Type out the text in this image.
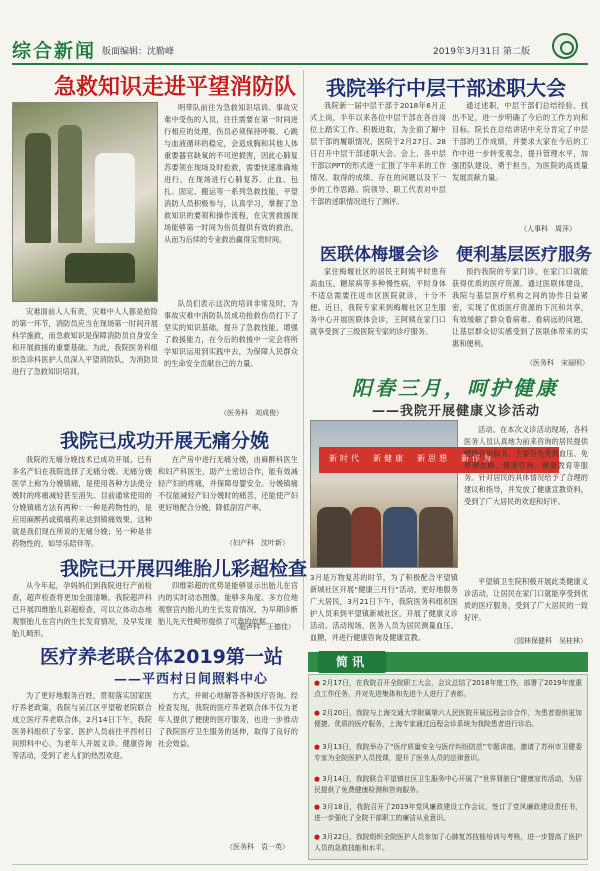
综合新闻 版面编辑：沈勤峰	2019年3月31日 第二版
急救知识走进平望消防队
灾难面前人人有责，灾难中人人都是抢险的第一环节，消防员应当在现场第一时间开展科学施救，而急救知识是保障消防员自身安全和开展救援的重要基础。为此，我院医务科组织急诊科医护人员深入平望消防队，为消防员进行了急救知识培训。
明带队前往为急救知识培训。事故灾难中受伤的人员，往往需要在第一时间进行相应的处理，伤员必须保持呼吸、心跳与血液循环的稳定，会造成胸和其他人体重要器官缺氧的不可逆损害，因此心肺复苏要领在现场及时抢救，需要快速准确地进行，在现场进行心肺复苏、止血、包扎、固定、搬运等一系列急救技能，平望消防人员积极参与，认真学习，掌握了急救知识的要领和操作流程，在灾害救援现场能够第一时间为伤员提供有效的救治，从而为后续的专业救治赢得宝贵时间。
队员们表示这次的培训非常及时，为事故灾难中消防队员成功抢救伤员打下了坚实的知识基础，提升了急救技能，增强了救援能力，在今后的救援中一定会将所学知识运用到实践中去，为保障人民群众的生命安全贡献自己的力量。
（医务科　刘成俊）
我院举行中层干部述职大会
我院新一届中层干部于2018年6月正式上岗，半年以来各位中层干部在各自岗位上踏实工作、积极进取，为全面了解中层干部的履职情况，医院于2月27日、28日召开中层干部述职大会。会上，各中层干部以PPT的形式逐一汇报了半年来的工作情况、取得的成绩、存在的问题以及下一步的工作思路。院领导、职工代表对中层干部的述职情况进行了测评。
通过述职，中层干部们总结经验、找出不足，进一步明确了今后的工作方向和目标。院长在总结讲话中充分肯定了中层干部的工作成绩，并要求大家在今后的工作中进一步转变观念，提升管理水平，加强团队建设，勇于担当，为医院的高质量发展贡献力量。
（人事科　周萍）
医联体梅堰会诊　便利基层医疗服务
家住梅堰社区的居民王阿姨平时患有高血压、糖尿病等多种慢性病，平时身体不适总需要往返市区医院就诊，十分不便。近日，我院专家来到梅堰社区卫生服务中心开展医联体会诊，王阿姨在家门口就享受到了三级医院专家的诊疗服务。
预约我院的专家门诊，在家门口就能获得优质的医疗资源。通过医联体建设，我院与基层医疗机构之间的协作日益紧密，实现了优质医疗资源的下沉和共享，有效缓解了群众看病难、看病远的问题，让基层群众切实感受到了医联体带来的实惠和便利。
（医务科　宋丽明）
我院已成功开展无痛分娩
我院的无痛分娩技术已成功开展，已有多名产妇在我院选择了无痛分娩。无痛分娩医学上称为分娩镇痛，是使用各种方法使分娩时的疼痛减轻甚至消失。目前通常使用的分娩镇痛方法有两种：一种是药物性的，是应用麻醉药或镇痛药来达到镇痛效果，这种就是我们现在所说的无痛分娩；另一种是非药物性的，如导乐陪伴等。
在产房中进行无痛分娩，由麻醉科医生和妇产科医生、助产士密切合作，能有效减轻产妇的疼痛，并保障母婴安全。分娩镇痛不仅能减轻产妇分娩时的痛苦，还能使产妇更好地配合分娩，降低剖宫产率。
（妇产科　沈叶新）
我院已开展四维胎儿彩超检查
从今年起，孕妈妈们到我院进行产前检查，超声检查将更加全面清晰。我院超声科已开展四维胎儿彩超检查，可以立体动态地观察胎儿在宫内的生长发育情况，及早发现胎儿畸形。
四维彩超的优势是能够显示出胎儿在宫内的实时动态图像，能够多角度、多方位地观察宫内胎儿的生长发育情况，为早期诊断胎儿先天性畸形提供了可靠的依据。
（超声科　王德佳）
阳春三月，呵护健康
——我院开展健康义诊活动
新时代　新健康　新思想　新作为
3月是万物复苏的时节，为了积极配合平望镇新城社区开展“健康三月行”活动，更好地服务广大居民，3月21日下午，我院医务科组织医护人员来到平望镇新城社区，开展了健康义诊活动。活动现场，医务人员为居民测量血压、血糖，并进行健康咨询及健康宣教。
活动。在本次义诊活动现场，各科医务人员认真地为前来咨询的居民提供健康咨询服务，主要有免费测血压、免费测血糖、健康咨询、健康教育等服务。针对居民的具体情况给予了合理的建议和指导，并发放了健康宣教资料，受到了广大居民的欢迎和好评。
平望镇卫生院积极开展此类健康义诊活动，让居民在家门口就能享受到优质的医疗服务，受到了广大居民的一致好评。
（园林保健科　吴桂林）
医疗养老联合体2019第一站
——平西村日间照料中心
为了更好地服务百姓，贯彻落实国家医疗养老政策，我院与吴江区平望敬老院联合成立医疗养老联合体，2月14日下午，我院医务科组织了专家、医护人员前往平西村日间照料中心，为老年人开展义诊、健康咨询等活动，受到了老人们的热烈欢迎。
方式，并耐心地解答各种医疗咨询。经检查发现，我院的医疗养老联合体不仅为老年人提供了便捷的医疗服务，也进一步推动了我院医疗卫生服务的延伸，取得了良好的社会效益。
（医务科　袁一英）
简讯
● 2月17日，在我院召开全院职工大会，会议总结了2018年度工作，部署了2019年度重点工作任务，并对先进集体和先进个人进行了表彰。
● 2月20日，我院与上海交通大学附属第六人民医院开展远程会诊合作，为患者提供更加便捷、优质的医疗服务，上海专家通过远程会诊系统为我院患者进行诊治。
● 3月13日，我院举办了“医疗质量安全与医疗纠纷防范”专题讲座，邀请了苏州市卫健委专家为全院医护人员授课，提升了医务人员的法律意识。
● 3月14日，我院联合平望镇社区卫生服务中心开展了“世界肾脏日”健康宣传活动，为居民提供了免费健康检测和咨询服务。
● 3月18日，我院召开了2019年党风廉政建设工作会议，签订了党风廉政建设责任书，进一步强化了全院干部职工的廉洁从业意识。
● 3月22日，我院组织全院医护人员参加了心肺复苏技能培训与考核，进一步提高了医护人员的急救技能和水平。
